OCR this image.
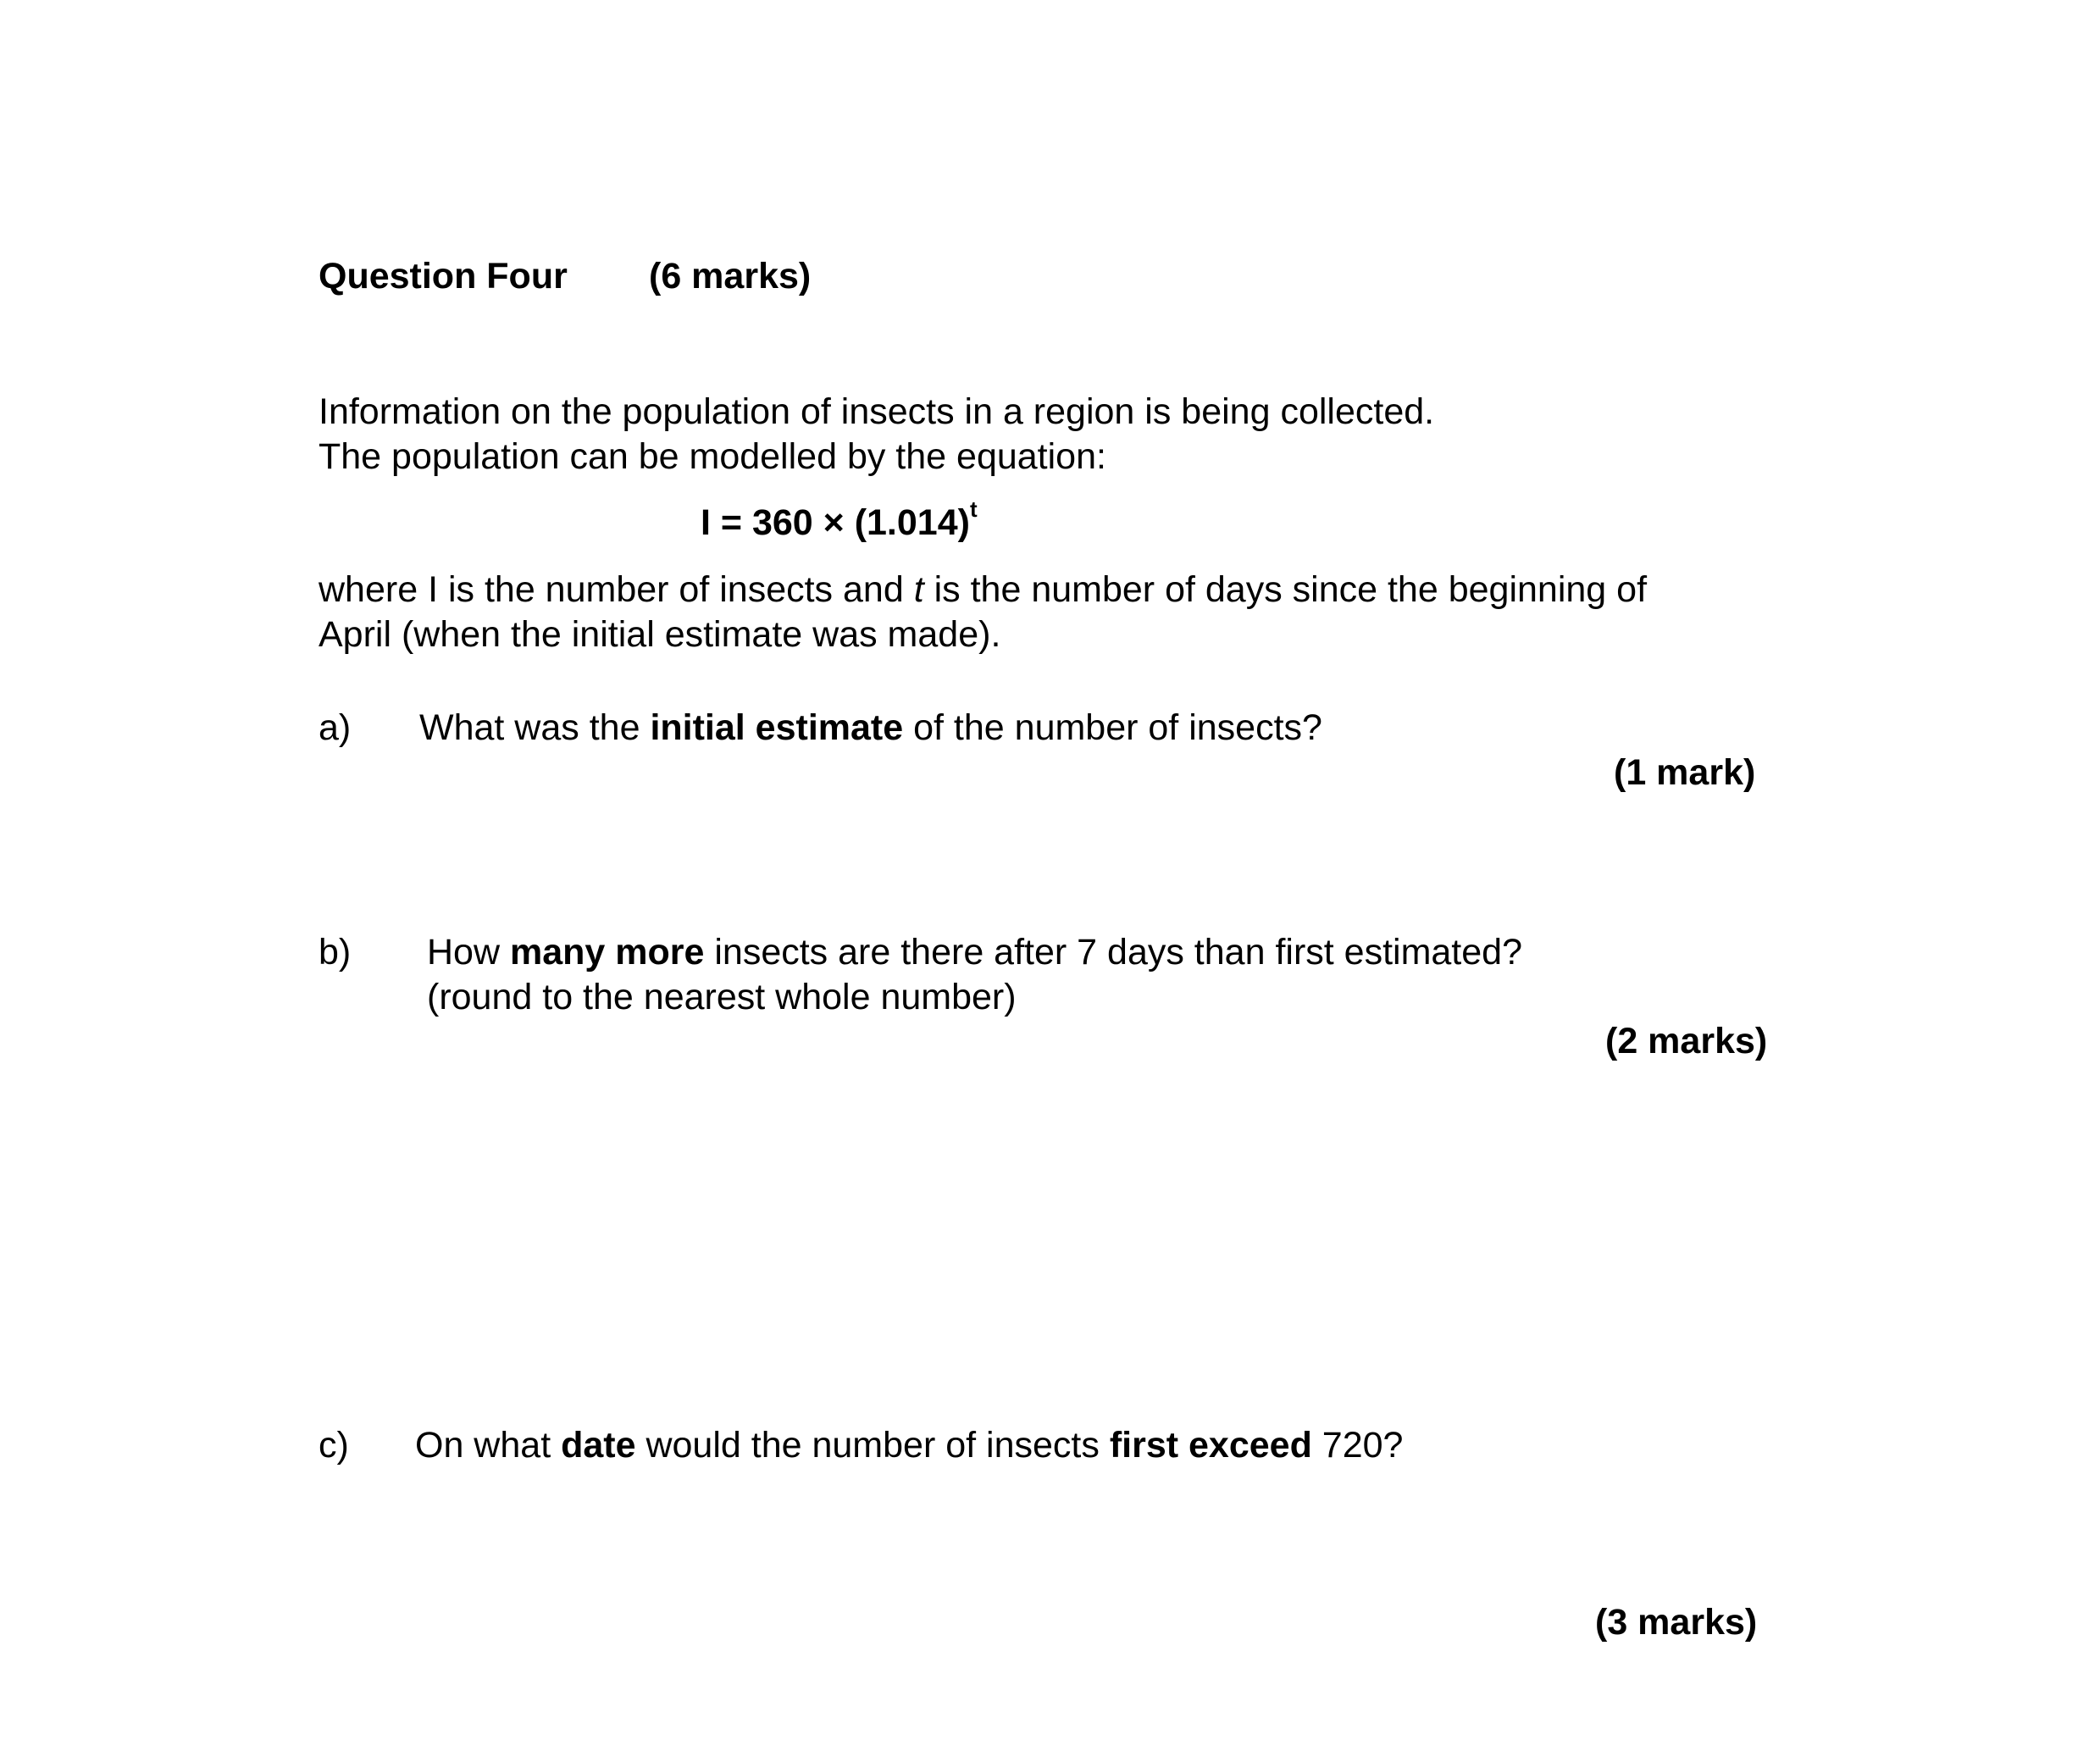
Question Four (6 marks)
Information on the population of insects in a region is being collected.
The population can be modelled by the equation:
$I = 360 \times (1.014)^t$
where I is the number of insects and t is the number of days since the beginning of
April (when the initial estimate was made).
a) What was the initial estimate of the number of insects?
(1 mark)
b) How many more insects are there after 7 days than first estimated?
(round to the nearest whole number)
(2 marks)
c) On what date would the number of insects first exceed 720?
(3 marks)
